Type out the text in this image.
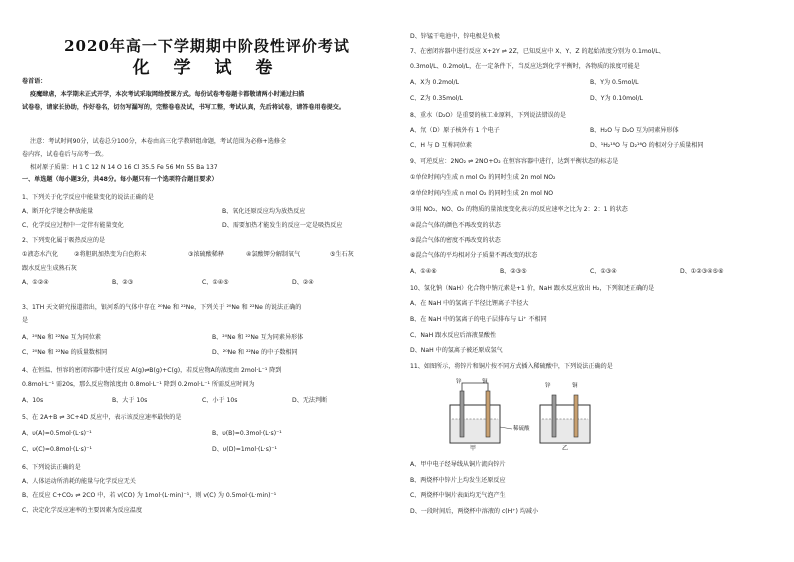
2020年高一下学期期中阶段性评价考试
化 学 试 卷
卷首语：
疫魔肆虐，本学期未正式开学，本次考试采取网络授课方式。每份试卷考卷题卡都敬请两小时通过扫描
试卷卷，请家长协助，作好卷名，切勿写漏写的，完整卷卷及试，书写工整，考试认真，先后将试卷，请答卷用卷提交。
注意：考试时间90分，试卷总分100分，本卷由高三化学教研组命题，考试范围为必修+选修全
卷内容，试卷卷后与高考一致。
相对原子质量：H 1 C 12 N 14 O 16 Cl 35.5 Fe 56 Mn 55 Ba 137
一、单选题（每小题3分，共48分。每小题只有一个选项符合题目要求）
1、下列关于化学反应中能量变化的说法正确的是
A、断开化学键会释放能量	B、氧化还原反应均为放热反应
C、化学反应过程中一定伴有能量变化	D、需要加热才能发生的反应一定是吸热反应
2、下列变化属于吸热反应的是
①液态水汽化	②将胆矾加热变为白色粉末	③浓硫酸稀释	④氯酸钾分解制氧气	⑤生石灰
跟水反应生成熟石灰
A、①②④	B、②③	C、①④⑤	D、②④
3、1TH 天文研究报道指出，银河系的气体中存在 ²⁰Ne 和 ²²Ne，下列关于 ²⁰Ne 和 ²²Ne 的说法正确的
是
A、²⁰Ne 和 ²²Ne 互为同位素	B、²⁰Ne 和 ²²Ne 互为同素异形体
C、²⁰Ne 和 ²²Ne 的质量数相同	D、²⁰Ne 和 ²²Ne 的中子数相同
4、在恒温、恒容的密闭容器中进行反应 A(g)⇌B(g)+C(g)，若反应物A的浓度由 2mol·L⁻¹ 降到
0.8mol·L⁻¹ 需20s，那么反应物浓度由 0.8mol·L⁻¹ 降到 0.2mol·L⁻¹ 所需反应时间为
A、10s	B、大于 10s	C、小于 10s	D、无法判断
5、在 2A+B ⇌ 3C+4D 反应中，表示该反应速率最快的是
A、υ(A)=0.5mol·(L·s)⁻¹	B、υ(B)=0.3mol·(L·s)⁻¹
C、υ(C)=0.8mol·(L·s)⁻¹	D、υ(D)=1mol·(L·s)⁻¹
6、下列说法正确的是
A、人体运动所消耗的能量与化学反应无关
B、在反应 C+CO₂ ⇌ 2CO 中，若 v(CO) 为 1mol·(L·min)⁻¹，则 v(C) 为 0.5mol·(L·min)⁻¹
C、决定化学反应速率的主要因素为反应温度
D、锌锰干电池中，锌电极是负极
7、在密闭容器中进行反应 X+2Y ⇌ 2Z，已知反应中 X、Y、Z 的起始浓度分别为 0.1mol/L、
0.3mol/L、0.2mol/L，在一定条件下，当反应达到化学平衡时，各物质的浓度可能是
A、X为 0.2mol/L	B、Y为 0.5mol/L
C、Z为 0.35mol/L	D、Y为 0.10mol/L
8、重水（D₂O）是重要的核工业原料，下列说法错误的是
A、氘（D）原子核外有 1 个电子	B、H₂O 与 D₂O 互为同素异形体
C、H 与 D 互称同位素	D、¹H₂¹⁸O 与 D₂¹⁶O 的相对分子质量相同
9、可逆反应：2NO₂ ⇌ 2NO+O₂ 在恒容容器中进行，达到平衡状态的标志是
①单位时间内生成 n mol O₂ 的同时生成 2n mol NO₂
②单位时间内生成 n mol O₂ 的同时生成 2n mol NO
③用 NO₂、NO、O₂ 的物质的量浓度变化表示的反应速率之比为 2：2：1 的状态
④混合气体的颜色不再改变的状态
⑤混合气体的密度不再改变的状态
⑥混合气体的平均相对分子质量不再改变的状态
A、①④⑥	B、②③⑤	C、①③④	D、①②③④⑤⑥
10、氢化钠（NaH）化合物中钠元素是+1 价，NaH 跟水反应放出 H₂，下列叙述正确的是
A、在 NaH 中的氢离子半径比锂离子半径大
B、在 NaH 中的氢离子的电子层排布与 Li⁺ 不相同
C、NaH 跟水反应后溶液显酸性
D、NaH 中的氢离子被还原成氢气
11、如图所示，将锌片和铜片按不同方式插入稀硫酸中，下列说法正确的是
锌	铜
锌	铜
稀硫酸
甲	乙
A、甲中电子经导线从铜片流向锌片
B、两烧杯中锌片上均发生还原反应
C、两烧杯中铜片表面均无气泡产生
D、一段时间后，两烧杯中溶液的 c(H⁺) 均减小
